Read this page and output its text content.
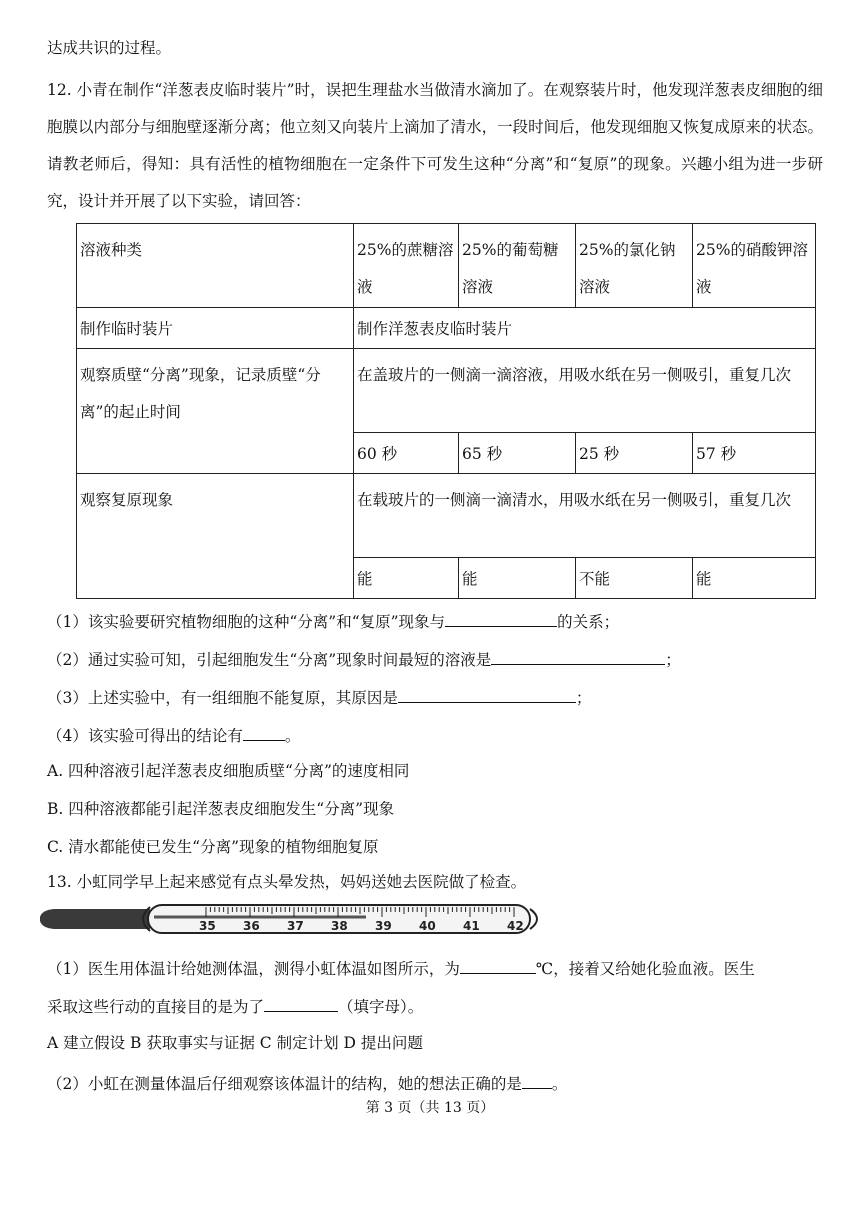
达成共识的过程。
12. 小青在制作“洋葱表皮临时装片”时，误把生理盐水当做清水滴加了。在观察装片时，他发现洋葱表皮细胞的细胞膜以内部分与细胞壁逐渐分离；他立刻又向装片上滴加了清水，一段时间后，他发现细胞又恢复成原来的状态。请教老师后，得知：具有活性的植物细胞在一定条件下可发生这种“分离”和“复原”的现象。兴趣小组为进一步研究，设计并开展了以下实验，请回答：
溶液种类	25%的蔗糖溶液	25%的葡萄糖溶液	25%的氯化钠溶液	25%的硝酸钾溶液
制作临时装片	制作洋葱表皮临时装片			
观察质壁“分离”现象，记录质壁“分离”的起止时间	在盖玻片的一侧滴一滴溶液，用吸水纸在另一侧吸引，重复几次			
	60 秒	65 秒	25 秒	57 秒
观察复原现象	在载玻片的一侧滴一滴清水，用吸水纸在另一侧吸引，重复几次			
	能	能	不能	能
（1）该实验要研究植物细胞的这种“分离”和“复原”现象与	的关系；
（2）通过实验可知，引起细胞发生“分离”现象时间最短的溶液是	；
（3）上述实验中，有一组细胞不能复原，其原因是	；
（4）该实验可得出的结论有	。
A. 四种溶液引起洋葱表皮细胞质壁“分离”的速度相同
B. 四种溶液都能引起洋葱表皮细胞发生“分离”现象
C. 清水都能使已发生“分离”现象的植物细胞复原
13. 小虹同学早上起来感觉有点头晕发热，妈妈送她去医院做了检查。
35 36 37 38 39 40 41 42
（1）医生用体温计给她测体温，测得小虹体温如图所示，为	℃，接着又给她化验血液。医生
采取这些行动的直接目的是为了	（填字母）。
A 建立假设 B 获取事实与证据 C 制定计划 D 提出问题
（2）小虹在测量体温后仔细观察该体温计的结构，她的想法正确的是 。
第 3 页（共 13 页）
